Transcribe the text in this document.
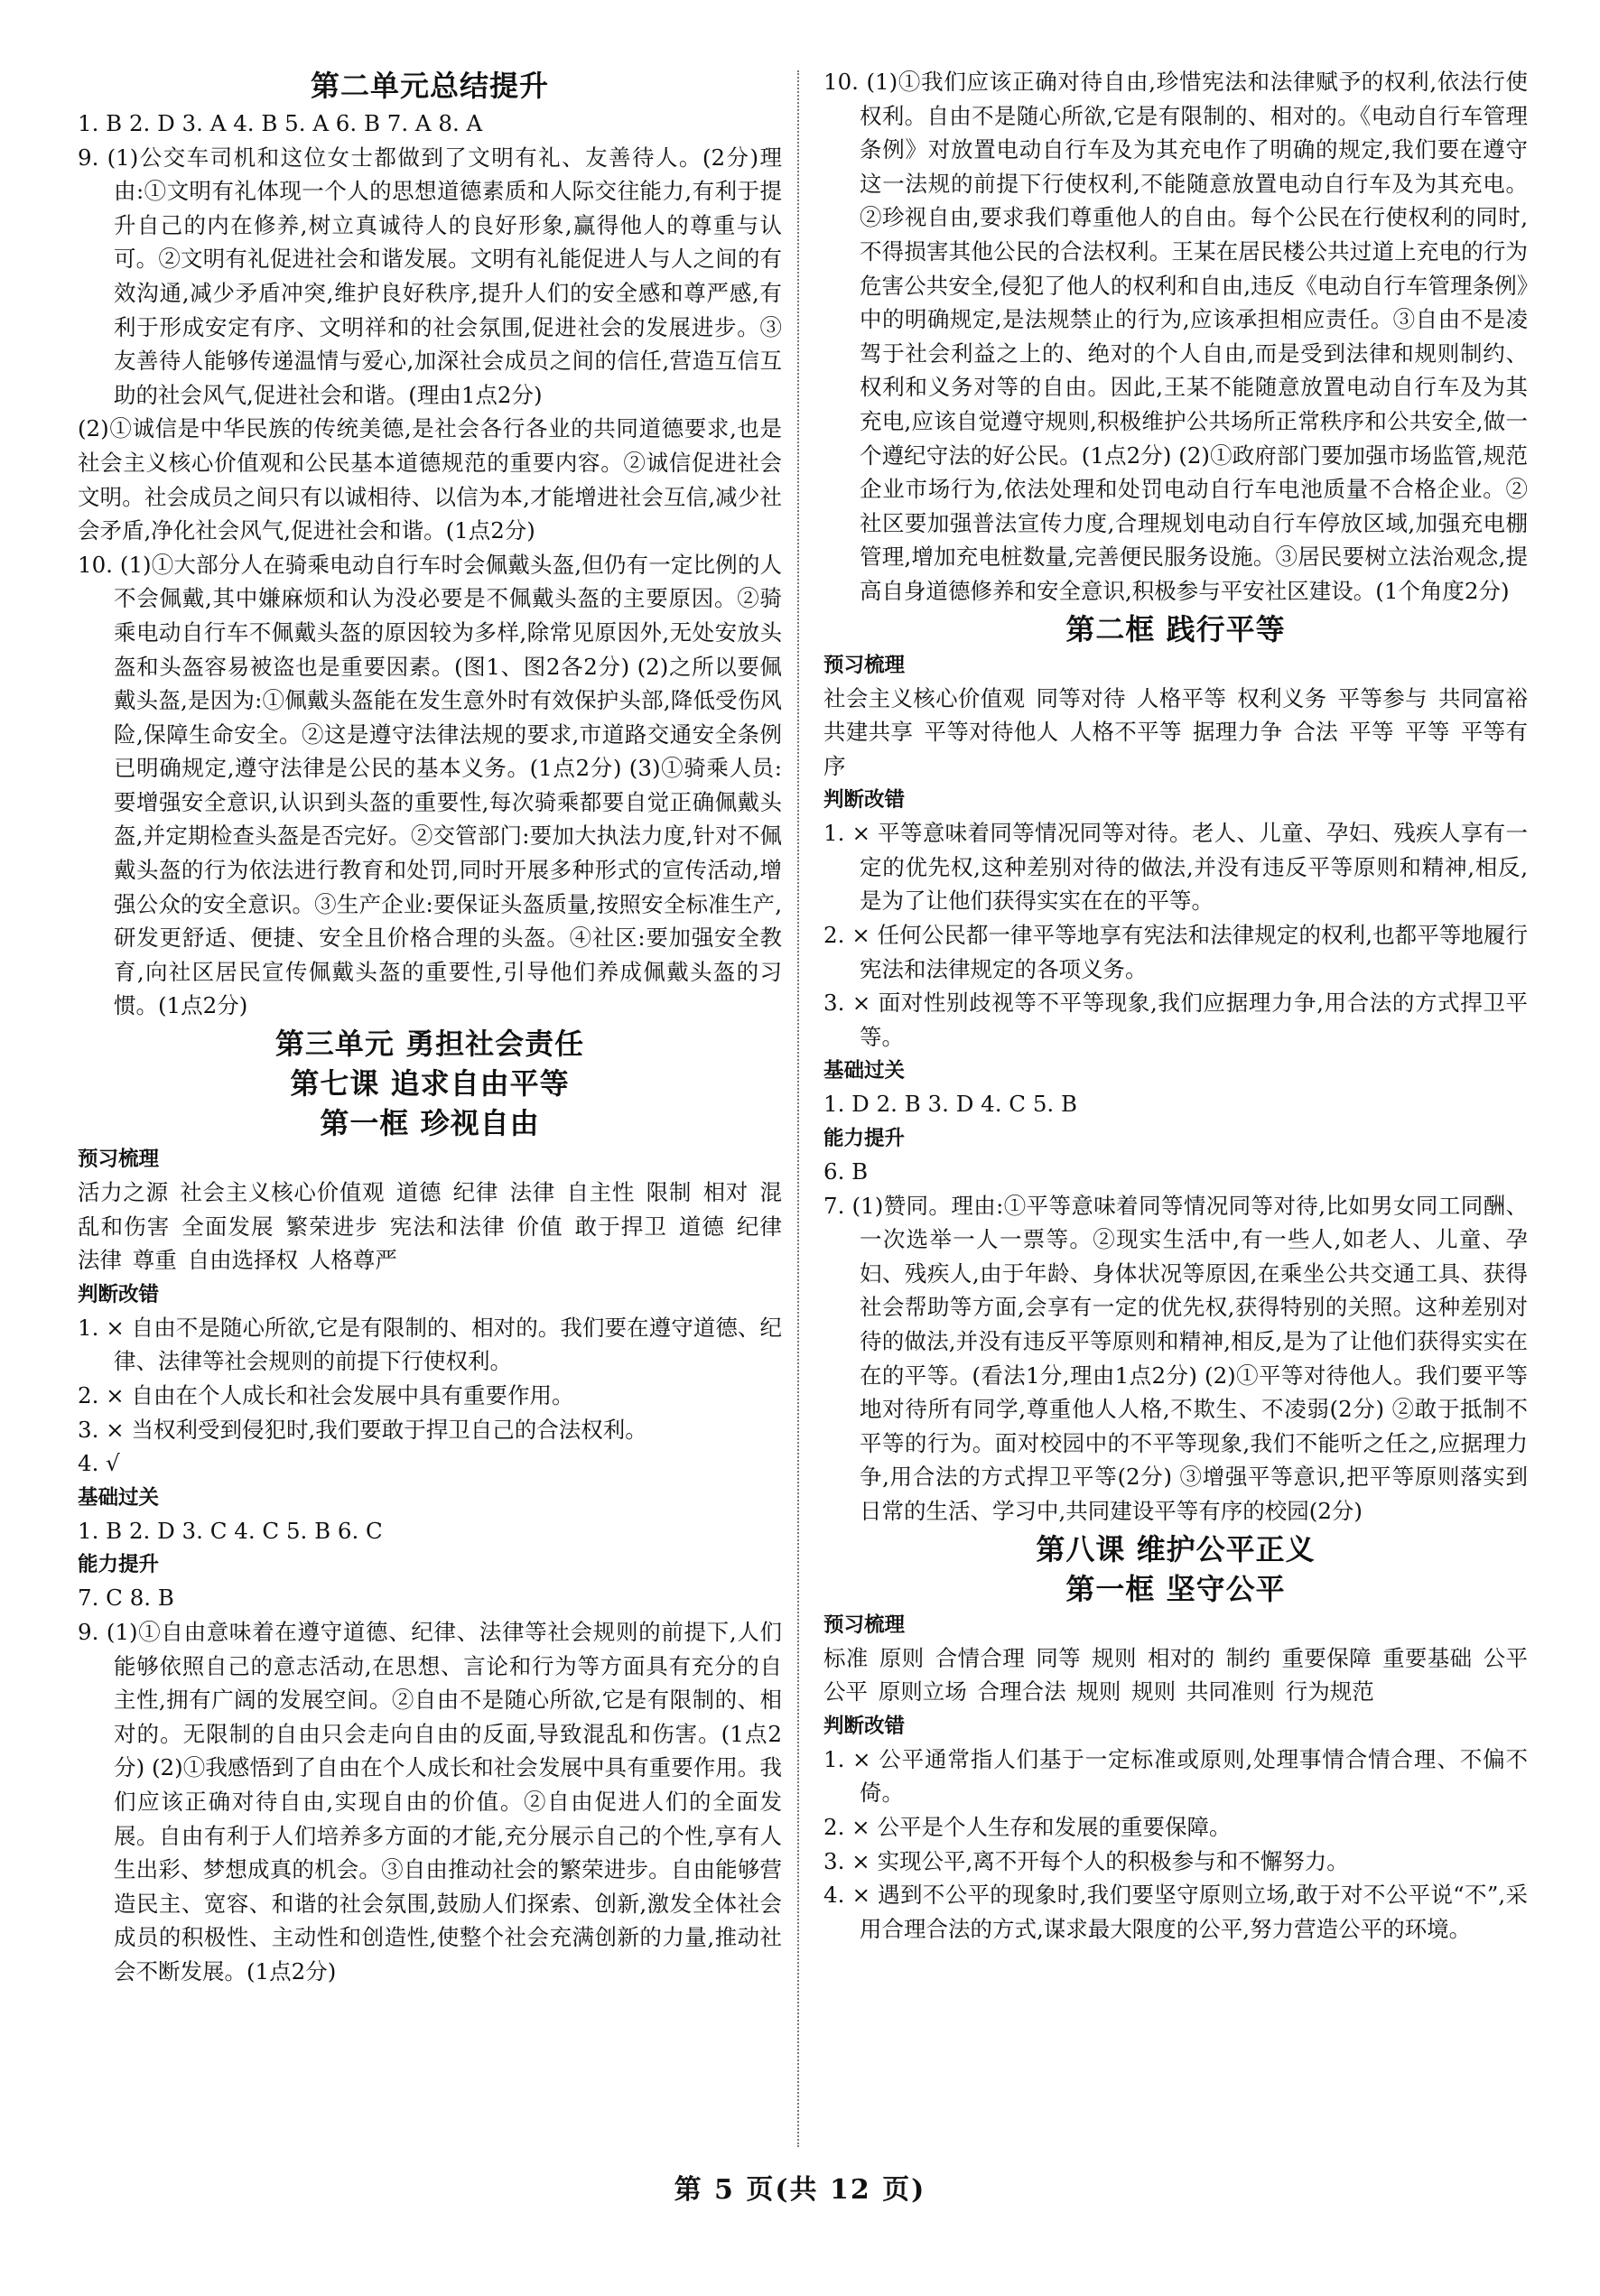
第二单元总结提升
1. B 2. D 3. A 4. B 5. A 6. B 7. A 8. A
9. (1)公交车司机和这位女士都做到了文明有礼、友善待人。(2分)理由:①文明有礼体现一个人的思想道德素质和人际交往能力,有利于提升自己的内在修养,树立真诚待人的良好形象,赢得他人的尊重与认可。②文明有礼促进社会和谐发展。文明有礼能促进人与人之间的有效沟通,减少矛盾冲突,维护良好秩序,提升人们的安全感和尊严感,有利于形成安定有序、文明祥和的社会氛围,促进社会的发展进步。③友善待人能够传递温情与爱心,加深社会成员之间的信任,营造互信互助的社会风气,促进社会和谐。(理由1点2分)
(2)①诚信是中华民族的传统美德,是社会各行各业的共同道德要求,也是社会主义核心价值观和公民基本道德规范的重要内容。②诚信促进社会文明。社会成员之间只有以诚相待、以信为本,才能增进社会互信,减少社会矛盾,净化社会风气,促进社会和谐。(1点2分)
10. (1)①大部分人在骑乘电动自行车时会佩戴头盔,但仍有一定比例的人不会佩戴,其中嫌麻烦和认为没必要是不佩戴头盔的主要原因。②骑乘电动自行车不佩戴头盔的原因较为多样,除常见原因外,无处安放头盔和头盔容易被盗也是重要因素。(图1、图2各2分) (2)之所以要佩戴头盔,是因为:①佩戴头盔能在发生意外时有效保护头部,降低受伤风险,保障生命安全。②这是遵守法律法规的要求,市道路交通安全条例已明确规定,遵守法律是公民的基本义务。(1点2分) (3)①骑乘人员:要增强安全意识,认识到头盔的重要性,每次骑乘都要自觉正确佩戴头盔,并定期检查头盔是否完好。②交管部门:要加大执法力度,针对不佩戴头盔的行为依法进行教育和处罚,同时开展多种形式的宣传活动,增强公众的安全意识。③生产企业:要保证头盔质量,按照安全标准生产,研发更舒适、便捷、安全且价格合理的头盔。④社区:要加强安全教育,向社区居民宣传佩戴头盔的重要性,引导他们养成佩戴头盔的习惯。(1点2分)
第三单元 勇担社会责任
第七课 追求自由平等
第一框 珍视自由
预习梳理
活力之源 社会主义核心价值观 道德 纪律 法律 自主性 限制 相对 混乱和伤害 全面发展 繁荣进步 宪法和法律 价值 敢于捍卫 道德 纪律 法律 尊重 自由选择权 人格尊严
判断改错
1. × 自由不是随心所欲,它是有限制的、相对的。我们要在遵守道德、纪律、法律等社会规则的前提下行使权利。
2. × 自由在个人成长和社会发展中具有重要作用。
3. × 当权利受到侵犯时,我们要敢于捍卫自己的合法权利。
4. √
基础过关
1. B 2. D 3. C 4. C 5. B 6. C
能力提升
7. C 8. B
9. (1)①自由意味着在遵守道德、纪律、法律等社会规则的前提下,人们能够依照自己的意志活动,在思想、言论和行为等方面具有充分的自主性,拥有广阔的发展空间。②自由不是随心所欲,它是有限制的、相对的。无限制的自由只会走向自由的反面,导致混乱和伤害。(1点2分) (2)①我感悟到了自由在个人成长和社会发展中具有重要作用。我们应该正确对待自由,实现自由的价值。②自由促进人们的全面发展。自由有利于人们培养多方面的才能,充分展示自己的个性,享有人生出彩、梦想成真的机会。③自由推动社会的繁荣进步。自由能够营造民主、宽容、和谐的社会氛围,鼓励人们探索、创新,激发全体社会成员的积极性、主动性和创造性,使整个社会充满创新的力量,推动社会不断发展。(1点2分)
10. (1)①我们应该正确对待自由,珍惜宪法和法律赋予的权利,依法行使权利。自由不是随心所欲,它是有限制的、相对的。《电动自行车管理条例》对放置电动自行车及为其充电作了明确的规定,我们要在遵守这一法规的前提下行使权利,不能随意放置电动自行车及为其充电。②珍视自由,要求我们尊重他人的自由。每个公民在行使权利的同时,不得损害其他公民的合法权利。王某在居民楼公共过道上充电的行为危害公共安全,侵犯了他人的权利和自由,违反《电动自行车管理条例》中的明确规定,是法规禁止的行为,应该承担相应责任。③自由不是凌驾于社会利益之上的、绝对的个人自由,而是受到法律和规则制约、权利和义务对等的自由。因此,王某不能随意放置电动自行车及为其充电,应该自觉遵守规则,积极维护公共场所正常秩序和公共安全,做一个遵纪守法的好公民。(1点2分) (2)①政府部门要加强市场监管,规范企业市场行为,依法处理和处罚电动自行车电池质量不合格企业。②社区要加强普法宣传力度,合理规划电动自行车停放区域,加强充电棚管理,增加充电桩数量,完善便民服务设施。③居民要树立法治观念,提高自身道德修养和安全意识,积极参与平安社区建设。(1个角度2分)
第二框 践行平等
预习梳理
社会主义核心价值观 同等对待 人格平等 权利义务 平等参与 共同富裕 共建共享 平等对待他人 人格不平等 据理力争 合法 平等 平等 平等有序
判断改错
1. × 平等意味着同等情况同等对待。老人、儿童、孕妇、残疾人享有一定的优先权,这种差别对待的做法,并没有违反平等原则和精神,相反,是为了让他们获得实实在在的平等。
2. × 任何公民都一律平等地享有宪法和法律规定的权利,也都平等地履行宪法和法律规定的各项义务。
3. × 面对性别歧视等不平等现象,我们应据理力争,用合法的方式捍卫平等。
基础过关
1. D 2. B 3. D 4. C 5. B
能力提升
6. B
7. (1)赞同。理由:①平等意味着同等情况同等对待,比如男女同工同酬、一次选举一人一票等。②现实生活中,有一些人,如老人、儿童、孕妇、残疾人,由于年龄、身体状况等原因,在乘坐公共交通工具、获得社会帮助等方面,会享有一定的优先权,获得特别的关照。这种差别对待的做法,并没有违反平等原则和精神,相反,是为了让他们获得实实在在的平等。(看法1分,理由1点2分) (2)①平等对待他人。我们要平等地对待所有同学,尊重他人人格,不欺生、不凌弱(2分) ②敢于抵制不平等的行为。面对校园中的不平等现象,我们不能听之任之,应据理力争,用合法的方式捍卫平等(2分) ③增强平等意识,把平等原则落实到日常的生活、学习中,共同建设平等有序的校园(2分)
第八课 维护公平正义
第一框 坚守公平
预习梳理
标准 原则 合情合理 同等 规则 相对的 制约 重要保障 重要基础 公平 公平 原则立场 合理合法 规则 规则 共同准则 行为规范
判断改错
1. × 公平通常指人们基于一定标准或原则,处理事情合情合理、不偏不倚。
2. × 公平是个人生存和发展的重要保障。
3. × 实现公平,离不开每个人的积极参与和不懈努力。
4. × 遇到不公平的现象时,我们要坚守原则立场,敢于对不公平说“不”,采用合理合法的方式,谋求最大限度的公平,努力营造公平的环境。
第 5 页(共 12 页)
